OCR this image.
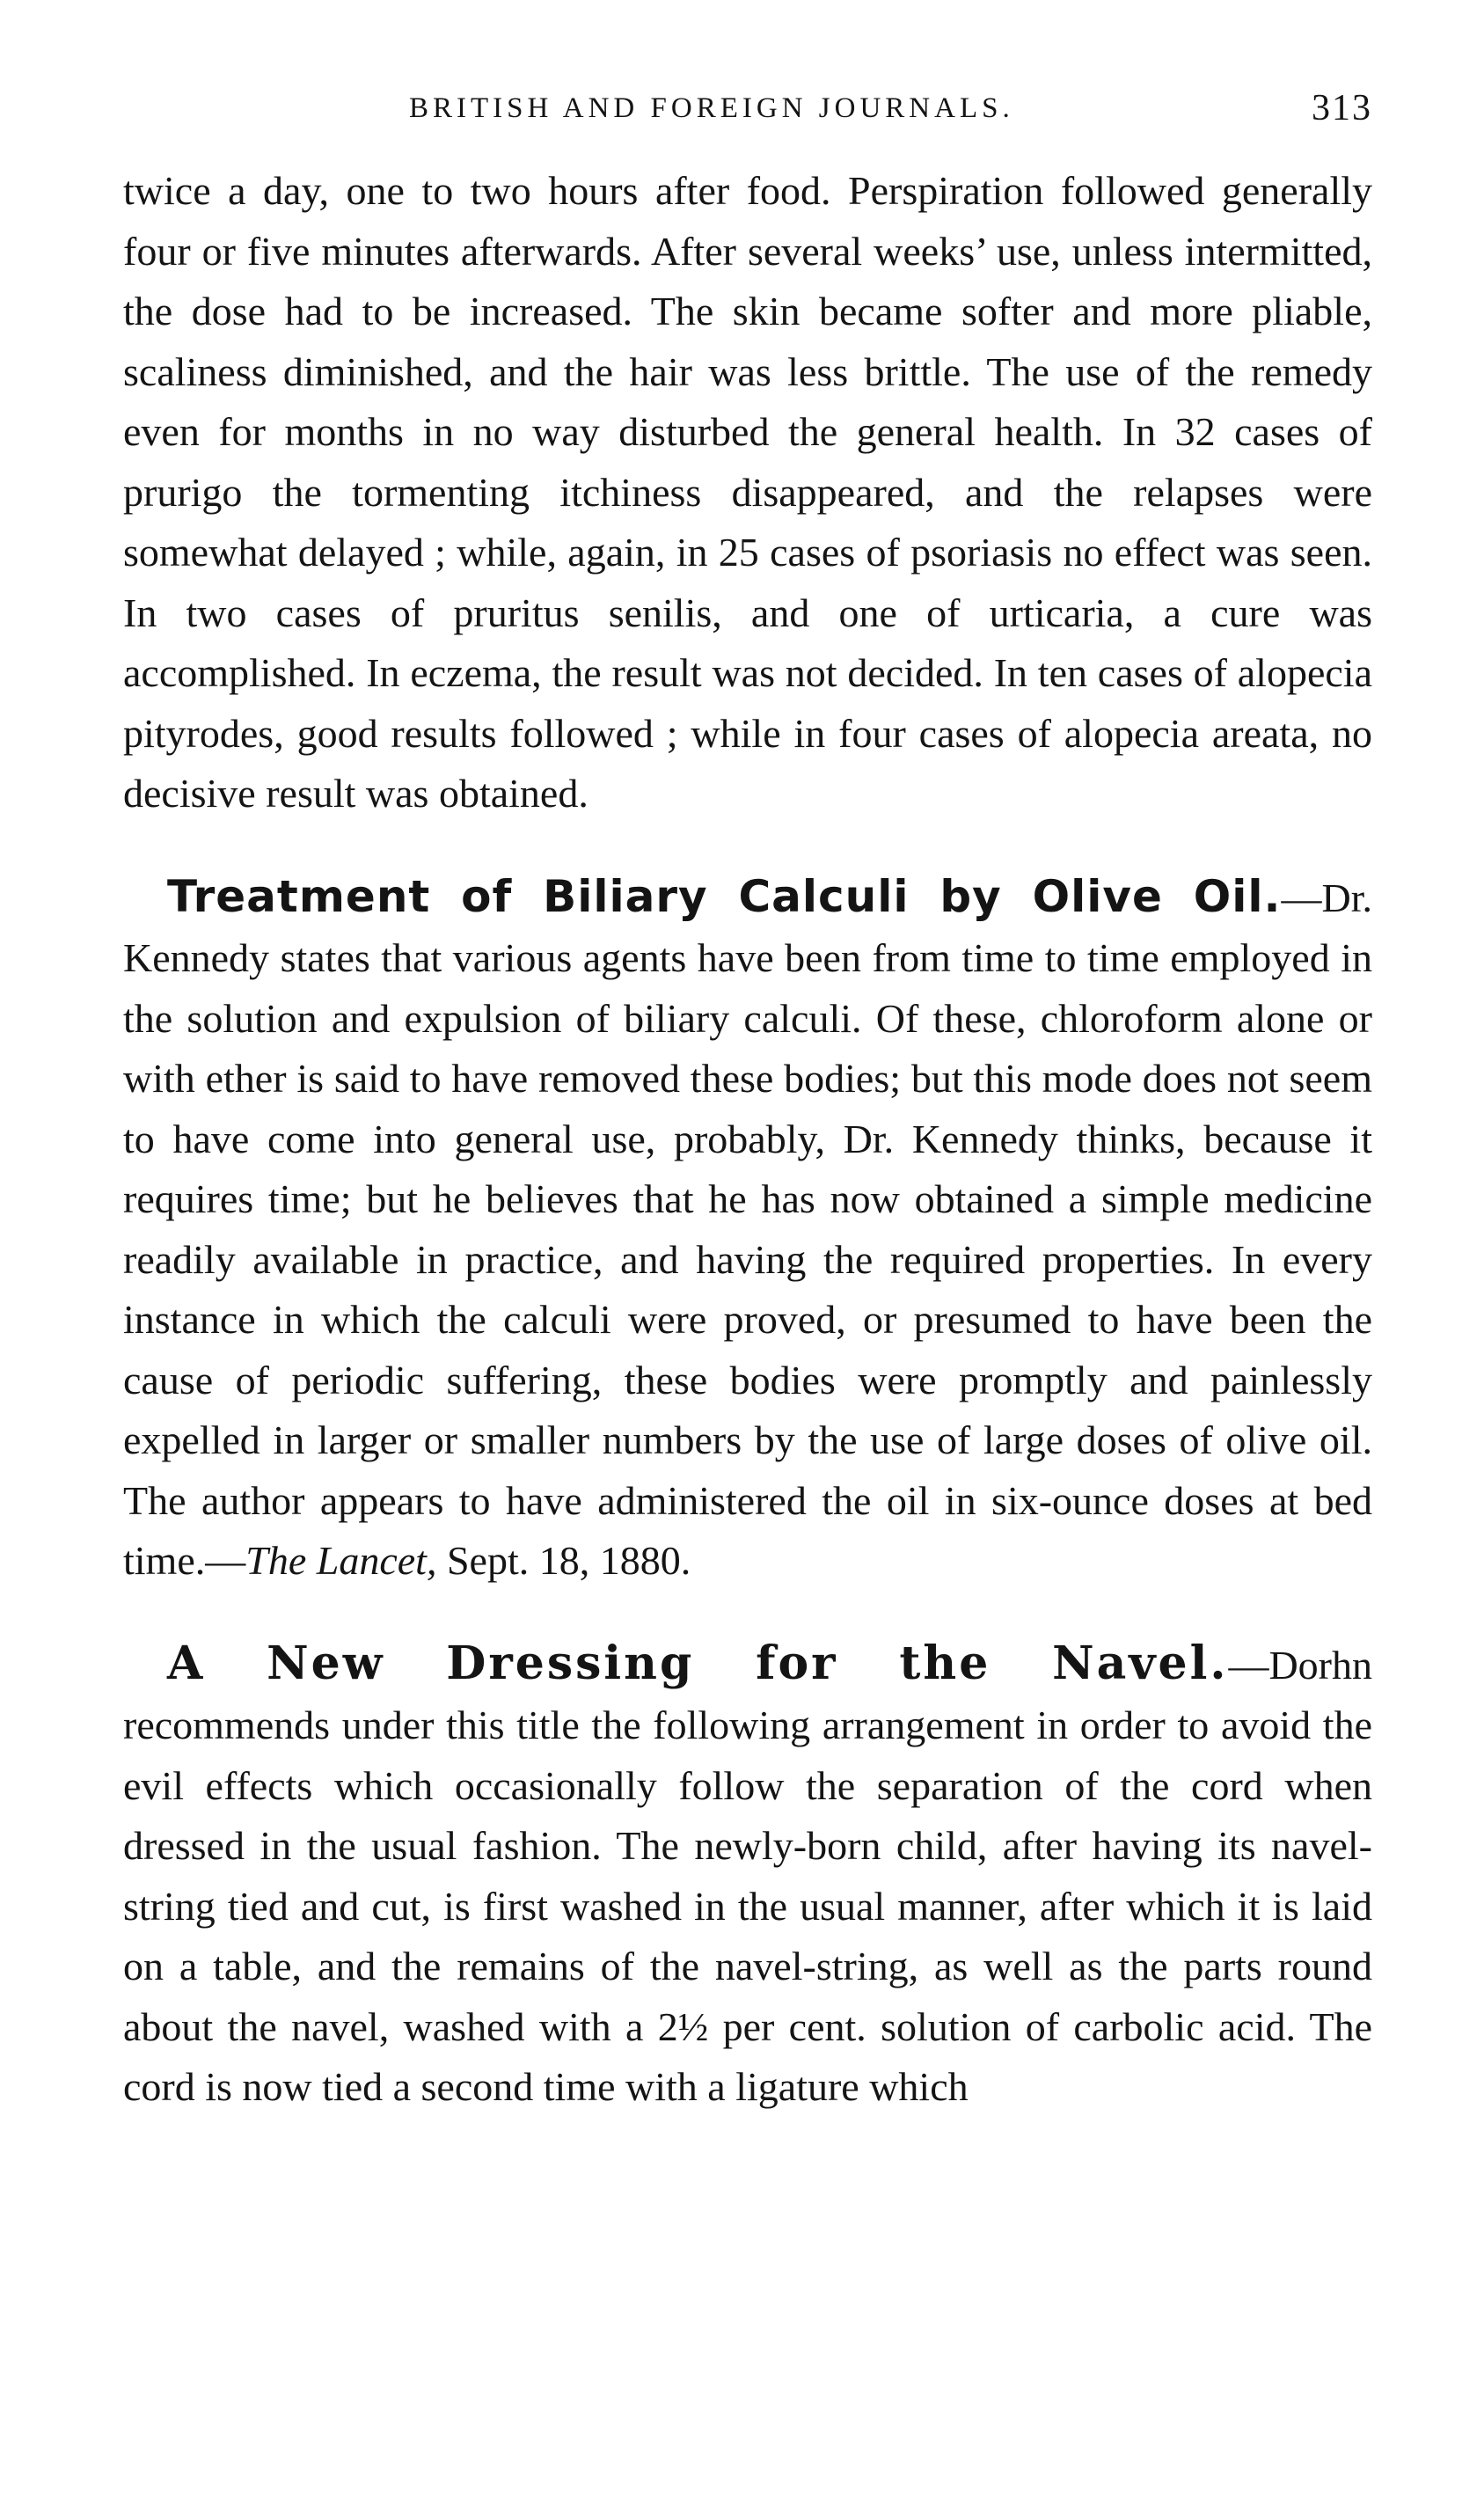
BRITISH AND FOREIGN JOURNALS.	313

twice a day, one to two hours after food. Perspiration followed generally four or five minutes afterwards. After several weeks’ use, unless intermitted, the dose had to be increased. The skin became softer and more pliable, scaliness diminished, and the hair was less brittle. The use of the remedy even for months in no way disturbed the general health. In 32 cases of prurigo the tormenting itchiness disappeared, and the relapses were somewhat delayed ; while, again, in 25 cases of psoriasis no effect was seen. In two cases of pruritus senilis, and one of urticaria, a cure was accomplished. In eczema, the result was not decided. In ten cases of alopecia pityrodes, good results followed ; while in four cases of alopecia areata, no decisive result was obtained.

Treatment of Biliary Calculi by Olive Oil.—Dr. Kennedy states that various agents have been from time to time employed in the solution and expulsion of biliary calculi. Of these, chloroform alone or with ether is said to have removed these bodies; but this mode does not seem to have come into general use, probably, Dr. Kennedy thinks, because it requires time; but he believes that he has now obtained a simple medicine readily available in practice, and having the required properties. In every instance in which the calculi were proved, or presumed to have been the cause of periodic suffering, these bodies were promptly and painlessly expelled in larger or smaller numbers by the use of large doses of olive oil. The author appears to have administered the oil in six-ounce doses at bed time.—The Lancet, Sept. 18, 1880.

A New Dressing for the Navel.—Dorhn recommends under this title the following arrangement in order to avoid the evil effects which occasionally follow the separation of the cord when dressed in the usual fashion. The newly-born child, after having its navel-string tied and cut, is first washed in the usual manner, after which it is laid on a table, and the remains of the navel-string, as well as the parts round about the navel, washed with a 2½ per cent. solution of carbolic acid. The cord is now tied a second time with a ligature which
